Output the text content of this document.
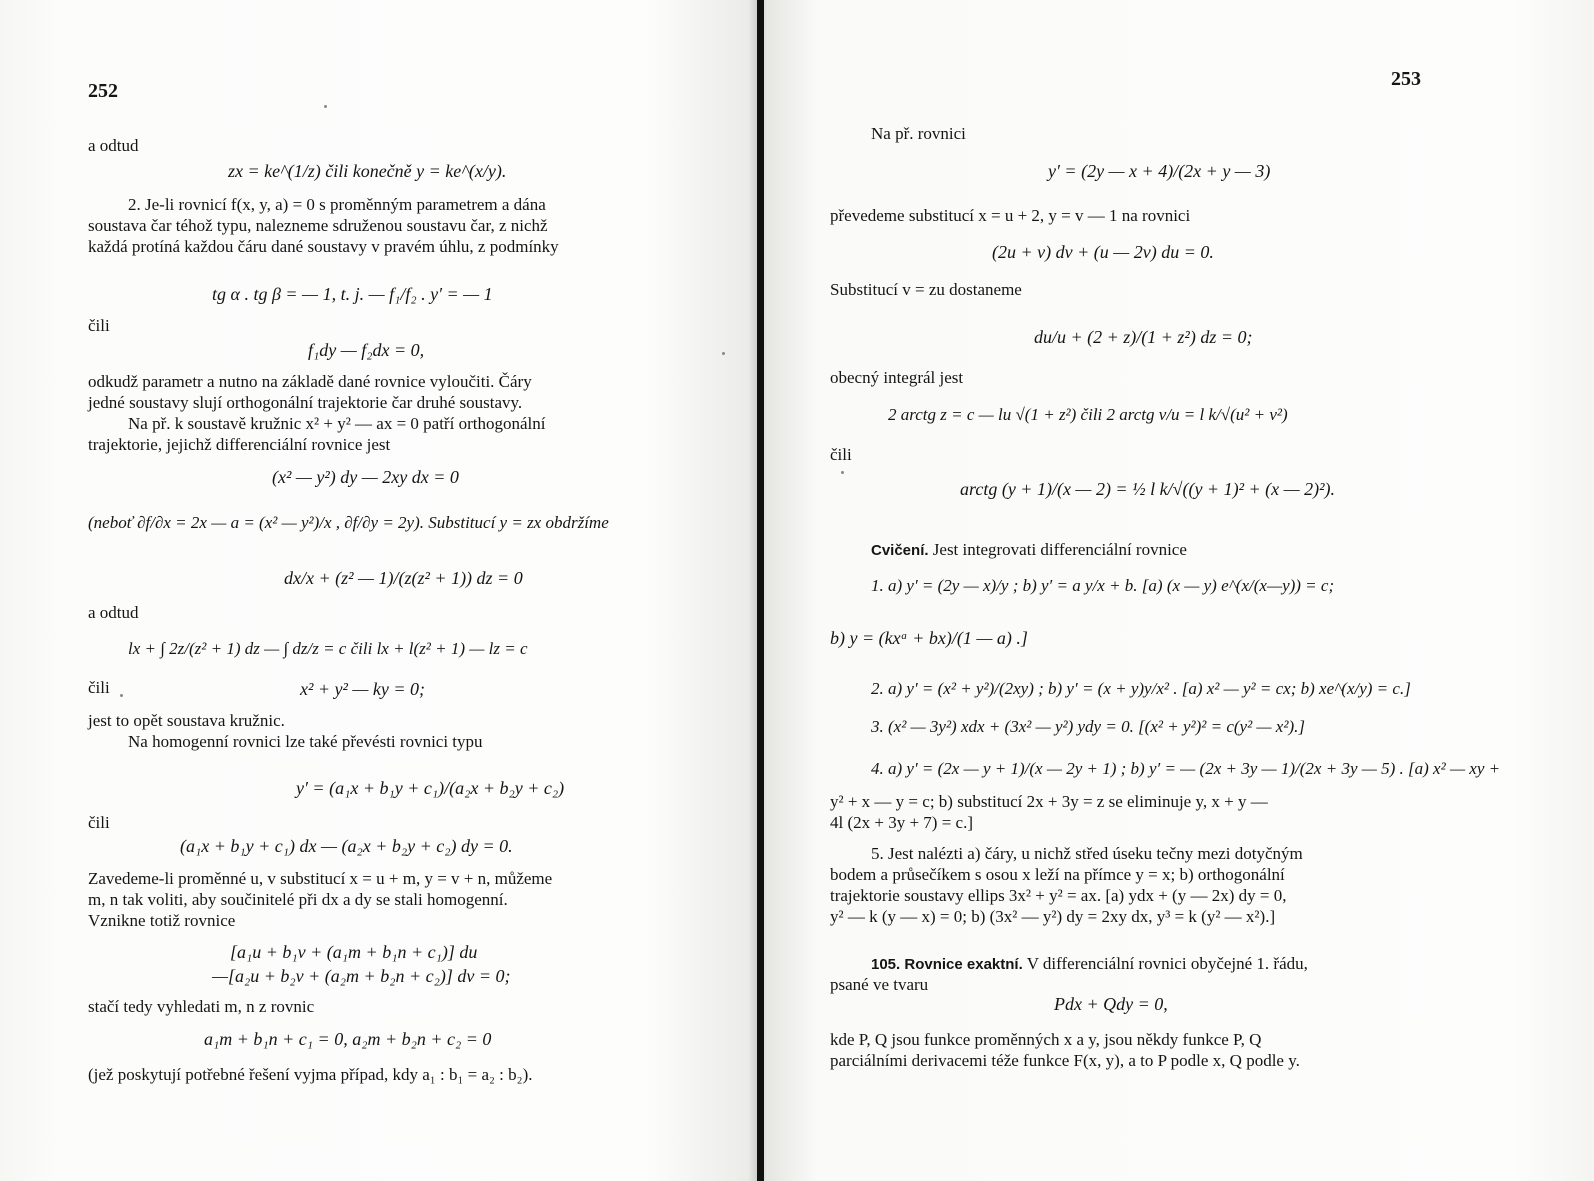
252
a odtud
zx = ke^(1/z) čili konečně y = ke^(x/y).
2. Je-li rovnicí f(x, y, a) = 0 s proměnným parametrem a dána
soustava čar téhož typu, nalezneme sdruženou soustavu čar, z nichž
každá protíná každou čáru dané soustavy v pravém úhlu, z podmínky
tg α . tg β = — 1, t. j. — f₁/f₂ . y′ = — 1
čili
f₁dy — f₂dx = 0,
odkudž parametr a nutno na základě dané rovnice vyloučiti. Čáry
jedné soustavy slují orthogonální trajektorie čar druhé soustavy.
Na př. k soustavě kružnic x² + y² — ax = 0 patří orthogonální
trajektorie, jejichž differenciální rovnice jest
(x² — y²) dy — 2xy dx = 0
(neboť ∂f/∂x = 2x — a = (x² — y²)/x , ∂f/∂y = 2y). Substitucí y = zx obdržíme
dx/x + (z² — 1)/(z(z² + 1)) dz = 0
a odtud
lx + ∫ 2z/(z² + 1) dz — ∫ dz/z = c čili lx + l(z² + 1) — lz = c
čili	x² + y² — ky = 0;
jest to opět soustava kružnic.
Na homogenní rovnici lze také převésti rovnici typu
y′ = (a₁x + b₁y + c₁)/(a₂x + b₂y + c₂)
čili
(a₁x + b₁y + c₁) dx — (a₂x + b₂y + c₂) dy = 0.
Zavedeme-li proměnné u, v substitucí x = u + m, y = v + n, můžeme
m, n tak voliti, aby součinitelé při dx a dy se stali homogenní.
Vznikne totiž rovnice
[a₁u + b₁v + (a₁m + b₁n + c₁)] du
—[a₂u + b₂v + (a₂m + b₂n + c₂)] dv = 0;
stačí tedy vyhledati m, n z rovnic
a₁m + b₁n + c₁ = 0, a₂m + b₂n + c₂ = 0
(jež poskytují potřebné řešení vyjma případ, kdy a₁ : b₁ = a₂ : b₂).
253
Na př. rovnici
y′ = (2y — x + 4)/(2x + y — 3)
převedeme substitucí x = u + 2, y = v — 1 na rovnici
(2u + v) dv + (u — 2v) du = 0.
Substitucí v = zu dostaneme
du/u + (2 + z)/(1 + z²) dz = 0;
obecný integrál jest
2 arctg z = c — lu √(1 + z²) čili 2 arctg v/u = l k/√(u² + v²)
čili
arctg (y + 1)/(x — 2) = ½ l k/√((y + 1)² + (x — 2)²).
Cvičení. Jest integrovati differenciální rovnice
1. a) y′ = (2y — x)/y ; b) y′ = a y/x + b. [a) (x — y) e^(x/(x—y)) = c;
b) y = (kxᵃ + bx)/(1 — a) .]
2. a) y′ = (x² + y²)/(2xy) ; b) y′ = (x + y)y/x² . [a) x² — y² = cx; b) xe^(x/y) = c.]
3. (x² — 3y²) xdx + (3x² — y²) ydy = 0. [(x² + y²)² = c(y² — x²).]
4. a) y′ = (2x — y + 1)/(x — 2y + 1) ; b) y′ = — (2x + 3y — 1)/(2x + 3y — 5) . [a) x² — xy +
y² + x — y = c; b) substitucí 2x + 3y = z se eliminuje y, x + y —
4l (2x + 3y + 7) = c.]
5. Jest nalézti a) čáry, u nichž střed úseku tečny mezi dotyčným
bodem a průsečíkem s osou x leží na přímce y = x; b) orthogonální
trajektorie soustavy ellips 3x² + y² = ax. [a) ydx + (y — 2x) dy = 0,
y² — k (y — x) = 0; b) (3x² — y²) dy = 2xy dx, y³ = k (y² — x²).]
105. Rovnice exaktní. V differenciální rovnici obyčejné 1. řádu,
psané ve tvaru
Pdx + Qdy = 0,
kde P, Q jsou funkce proměnných x a y, jsou někdy funkce P, Q
parciálními derivacemi téže funkce F(x, y), a to P podle x, Q podle y.
